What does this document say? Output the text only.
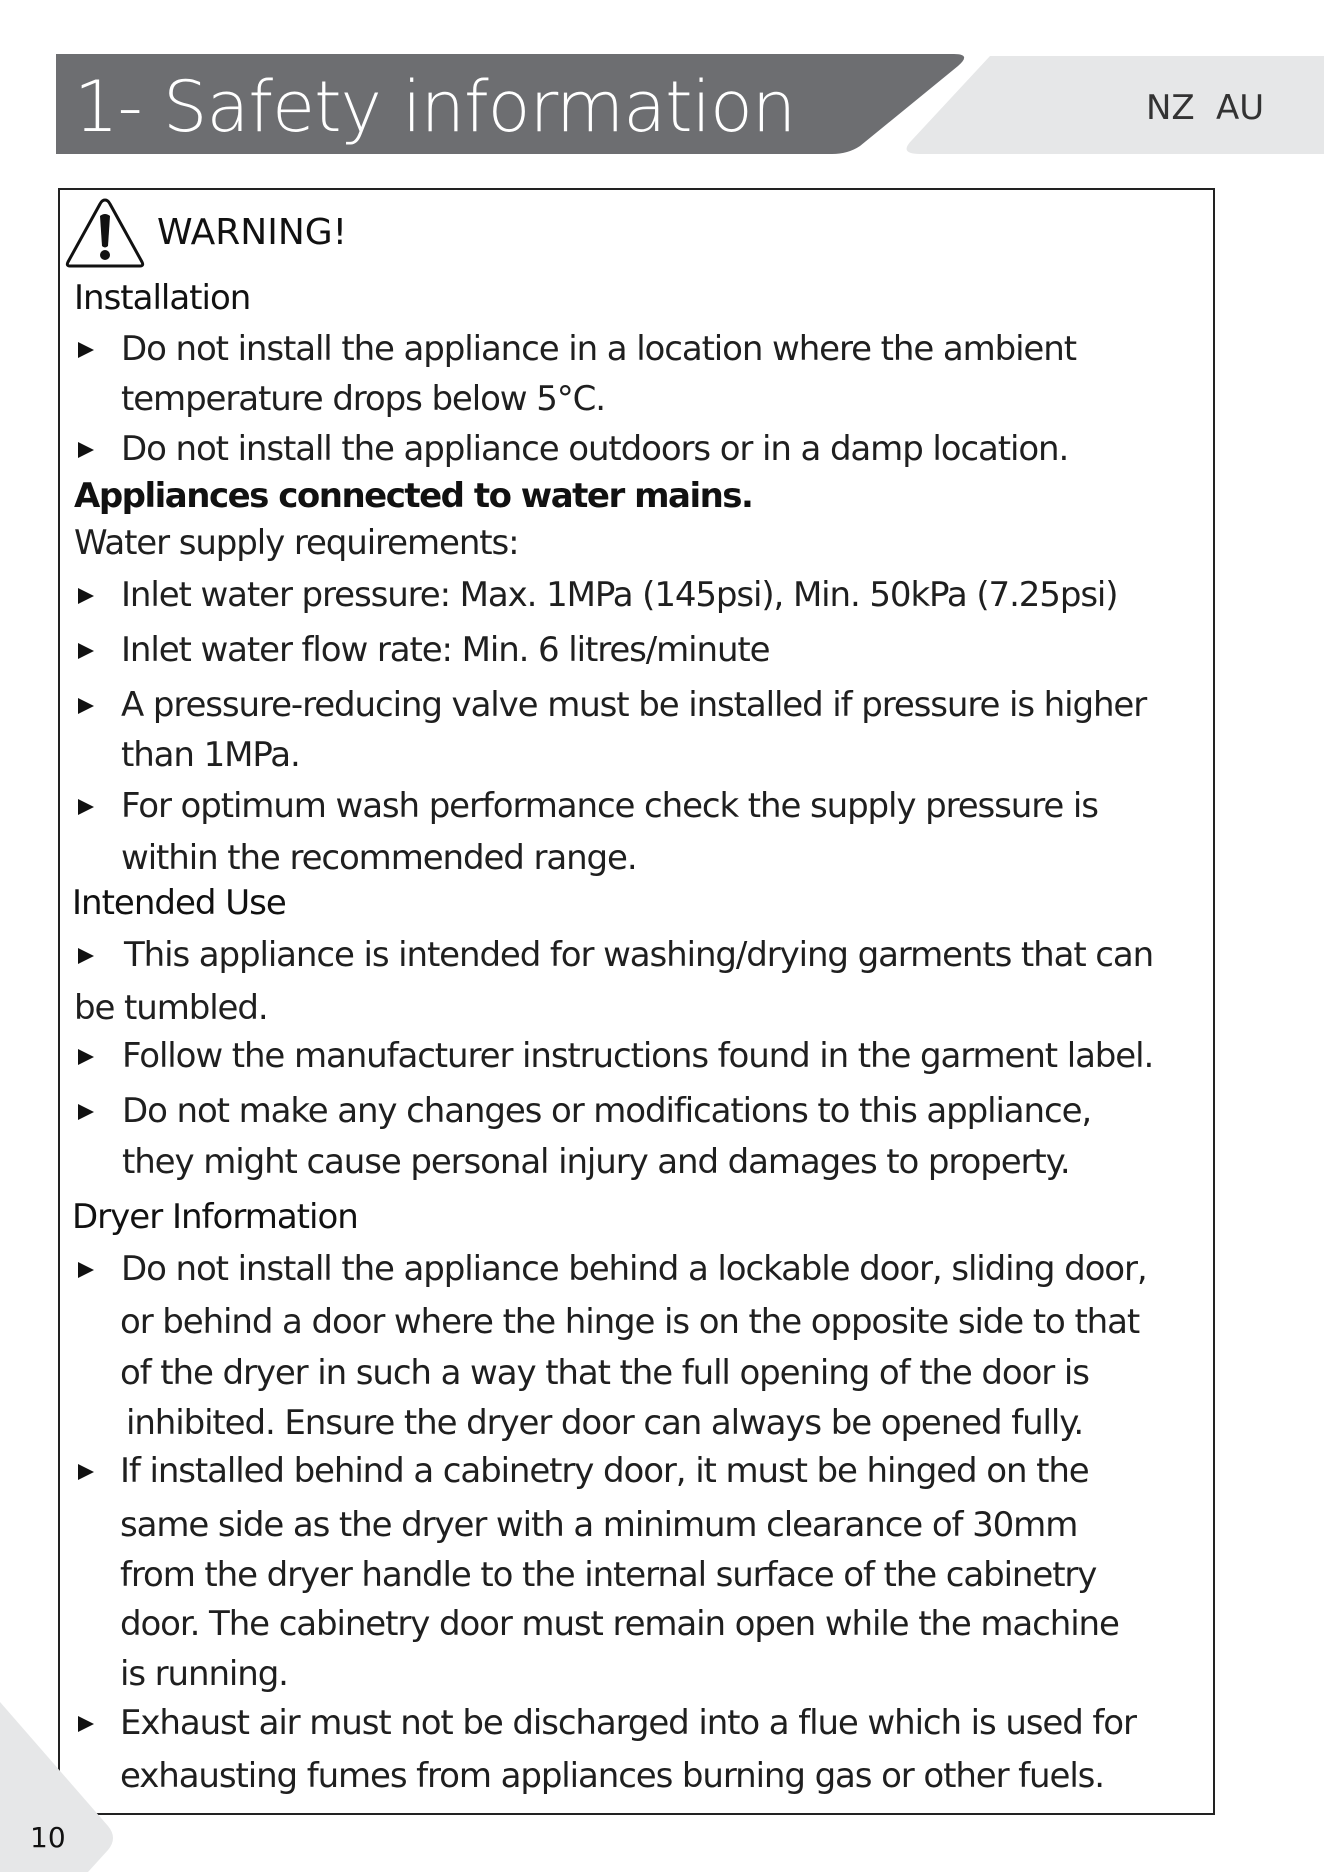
1- Safety information	NZ AU
WARNING!
Installation
Do not install the appliance in a location where the ambient
temperature drops below 5°C.
Do not install the appliance outdoors or in a damp location.
Appliances connected to water mains.
Water supply requirements:
Inlet water pressure: Max. 1MPa (145psi), Min. 50kPa (7.25psi)
Inlet water flow rate: Min. 6 litres/minute
A pressure-reducing valve must be installed if pressure is higher
than 1MPa.
For optimum wash performance check the supply pressure is
within the recommended range.
Intended Use
This appliance is intended for washing/drying garments that can
be tumbled.
Follow the manufacturer instructions found in the garment label.
Do not make any changes or modifications to this appliance,
they might cause personal injury and damages to property.
Dryer Information
Do not install the appliance behind a lockable door, sliding door,
or behind a door where the hinge is on the opposite side to that
of the dryer in such a way that the full opening of the door is
inhibited. Ensure the dryer door can always be opened fully.
If installed behind a cabinetry door, it must be hinged on the
same side as the dryer with a minimum clearance of 30mm
from the dryer handle to the internal surface of the cabinetry
door. The cabinetry door must remain open while the machine
is running.
Exhaust air must not be discharged into a flue which is used for
exhausting fumes from appliances burning gas or other fuels.
10
